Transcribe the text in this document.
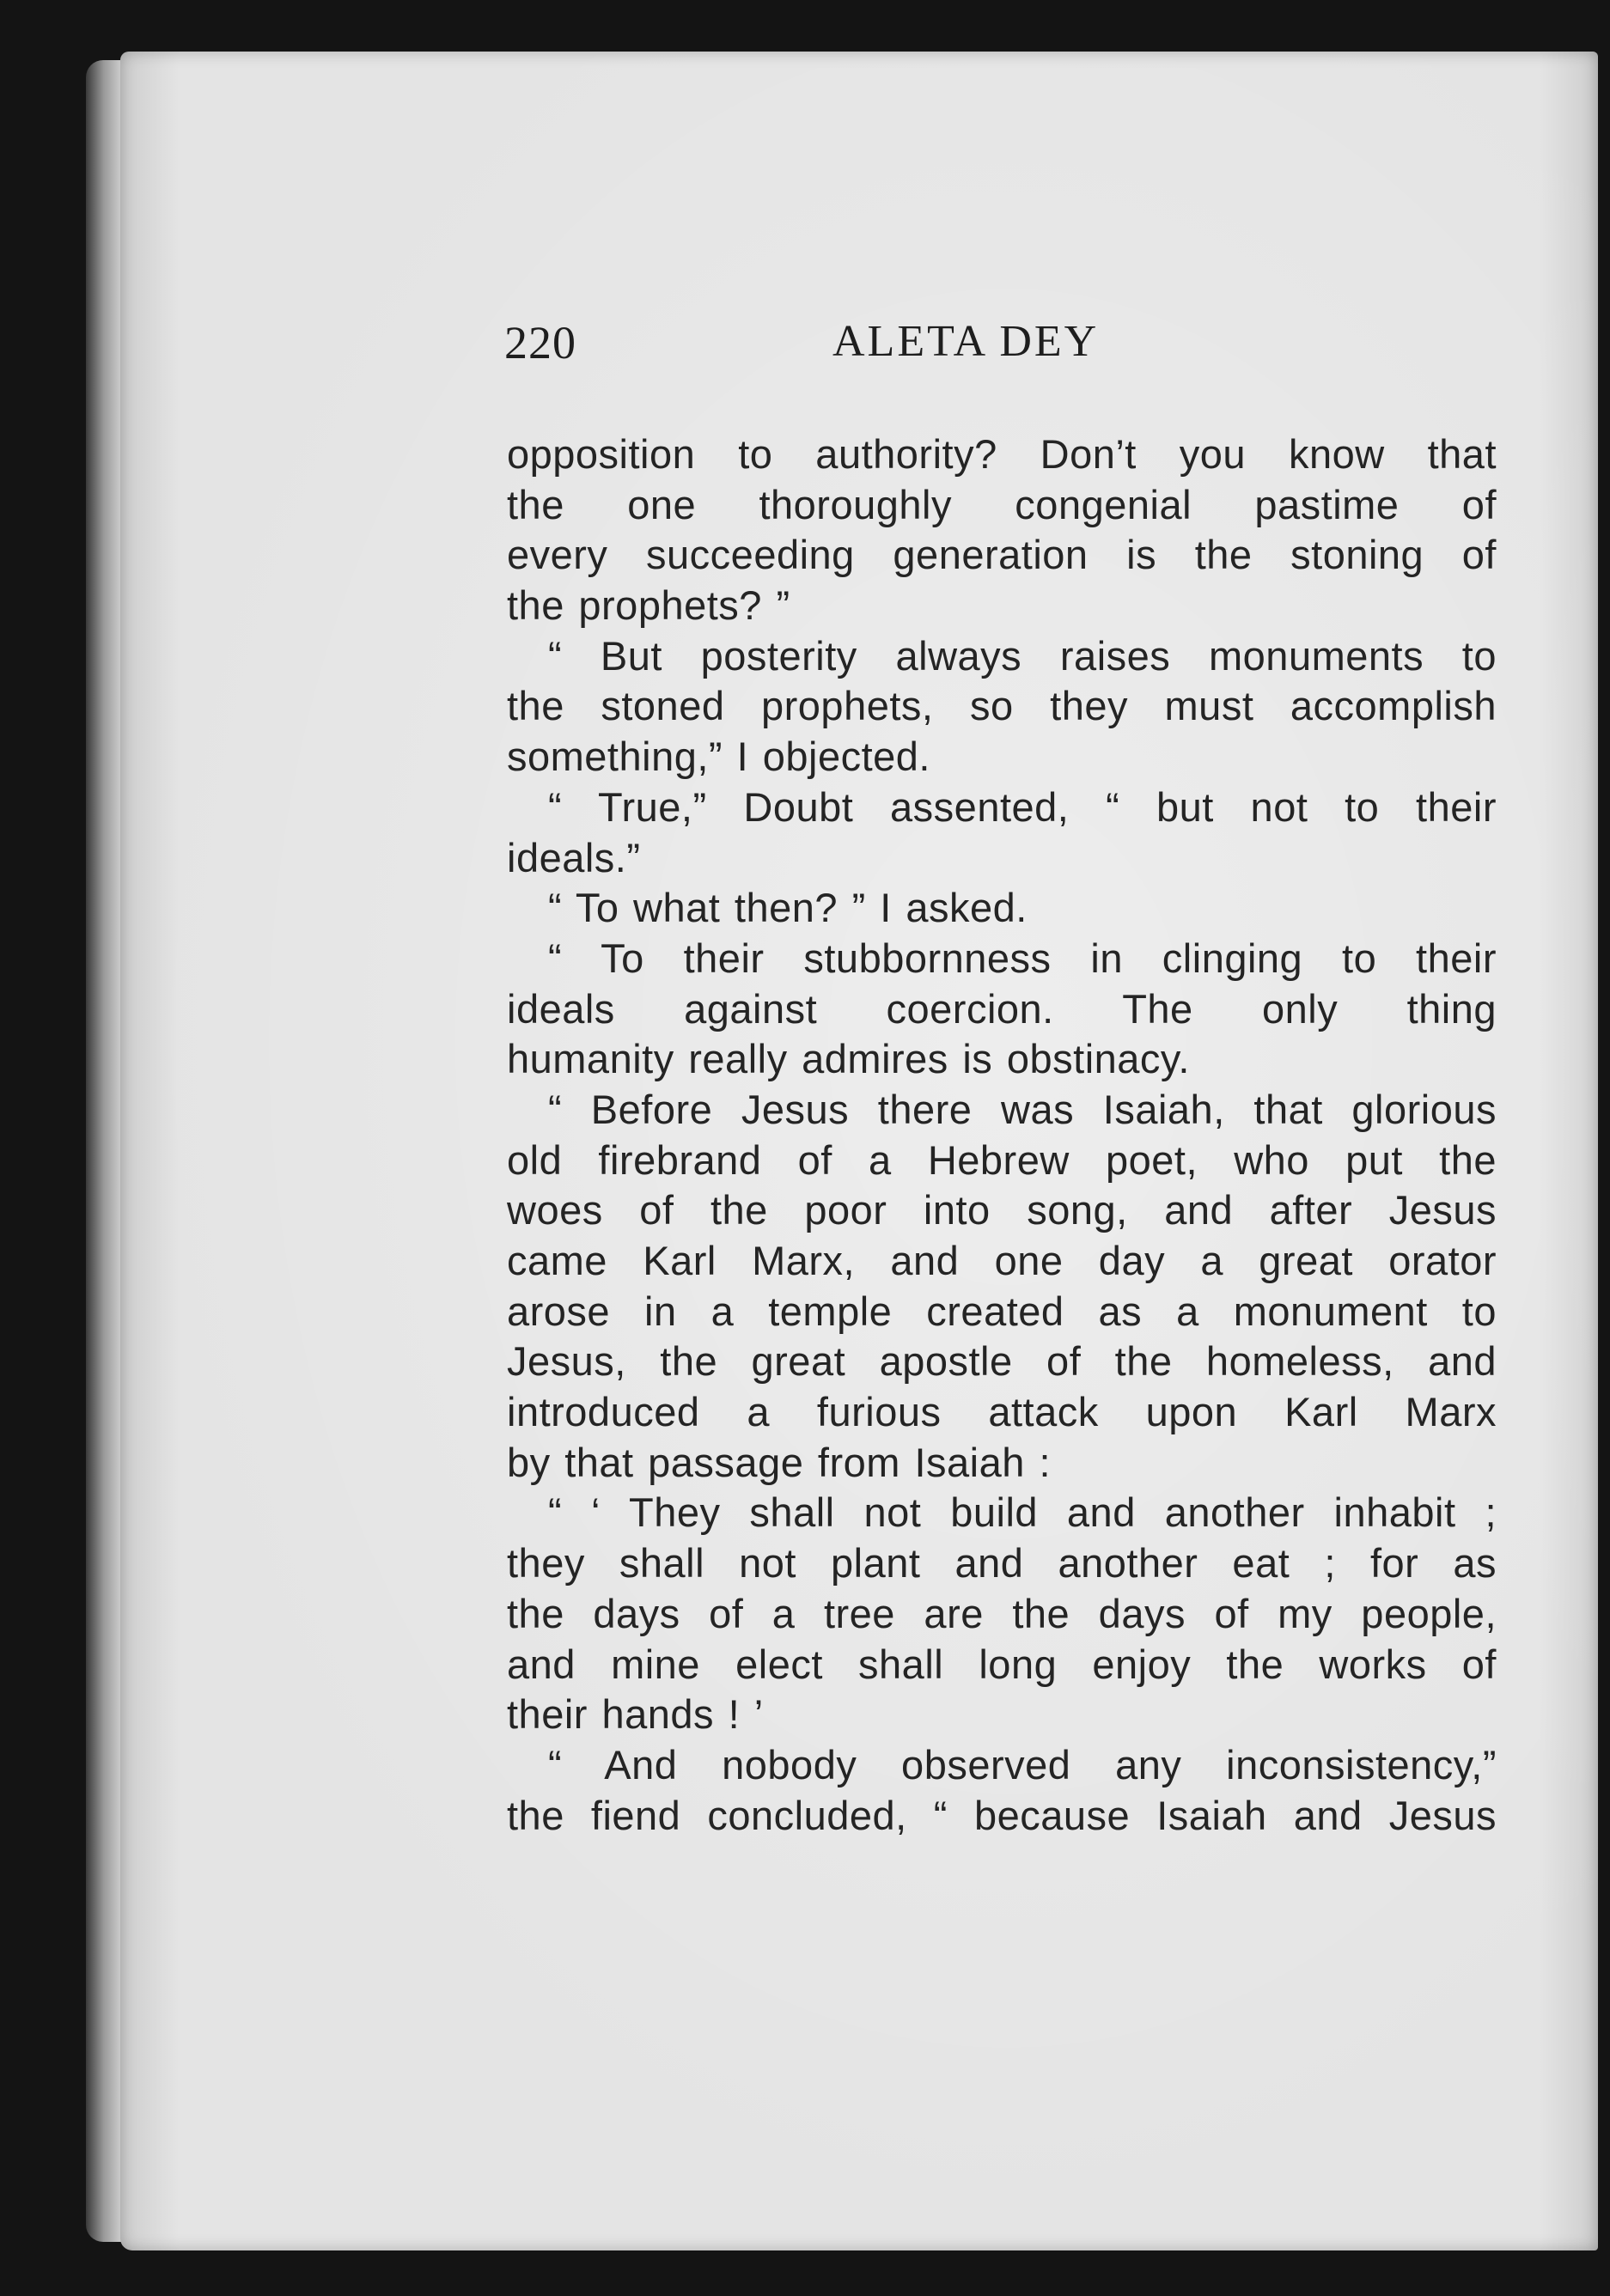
220	ALETA DEY
opposition to authority? Don’t you know that
the one thoroughly congenial pastime of
every succeeding generation is the stoning of
the prophets? ”
“ But posterity always raises monuments to
the stoned prophets, so they must accomplish
something,” I objected.
“ True,” Doubt assented, “ but not to their
ideals.”
“ To what then? ” I asked.
“ To their stubbornness in clinging to their
ideals against coercion. The only thing
humanity really admires is obstinacy.
“ Before Jesus there was Isaiah, that glorious
old firebrand of a Hebrew poet, who put the
woes of the poor into song, and after Jesus
came Karl Marx, and one day a great orator
arose in a temple created as a monument to
Jesus, the great apostle of the homeless, and
introduced a furious attack upon Karl Marx
by that passage from Isaiah :
“ ‘ They shall not build and another inhabit ;
they shall not plant and another eat ; for as
the days of a tree are the days of my people,
and mine elect shall long enjoy the works of
their hands ! ’
“ And nobody observed any inconsistency,”
the fiend concluded, “ because Isaiah and Jesus
